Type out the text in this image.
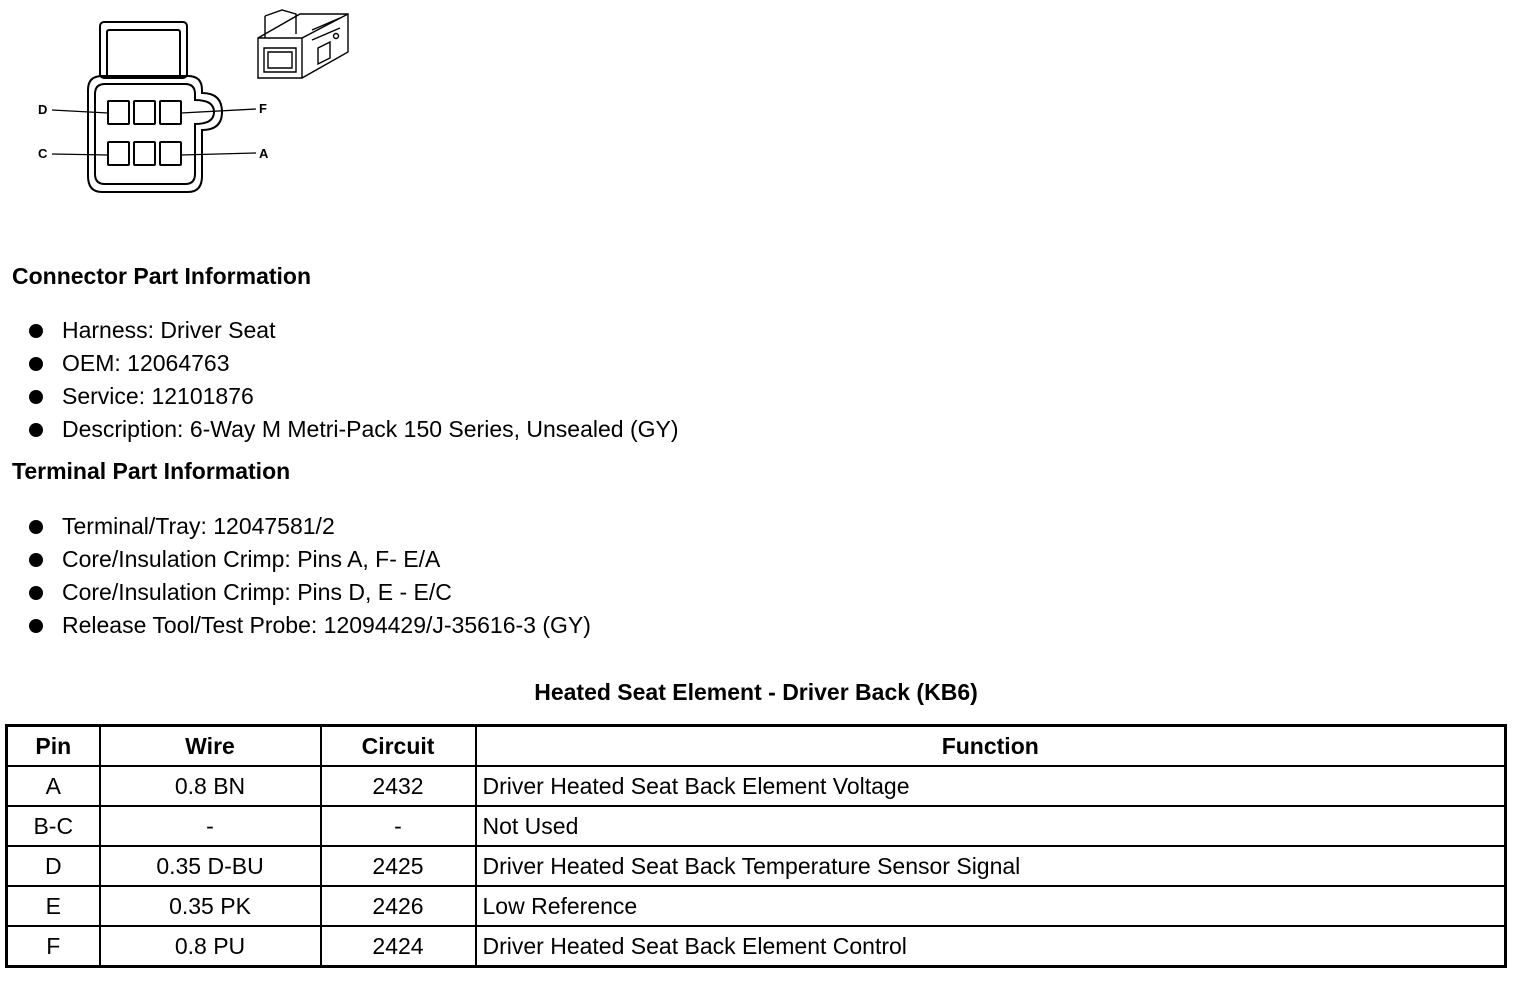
D
C
F
A
Connector Part Information
Harness: Driver Seat
OEM: 12064763
Service: 12101876
Description: 6-Way M Metri-Pack 150 Series, Unsealed (GY)
Terminal Part Information
Terminal/Tray: 12047581/2
Core/Insulation Crimp: Pins A, F- E/A
Core/Insulation Crimp: Pins D, E - E/C
Release Tool/Test Probe: 12094429/J-35616-3 (GY)
Heated Seat Element - Driver Back (KB6)
Pin	Wire	Circuit	Function
A	0.8 BN	2432	Driver Heated Seat Back Element Voltage
B-C	-	-	Not Used
D	0.35 D-BU	2425	Driver Heated Seat Back Temperature Sensor Signal
E	0.35 PK	2426	Low Reference
F	0.8 PU	2424	Driver Heated Seat Back Element Control
